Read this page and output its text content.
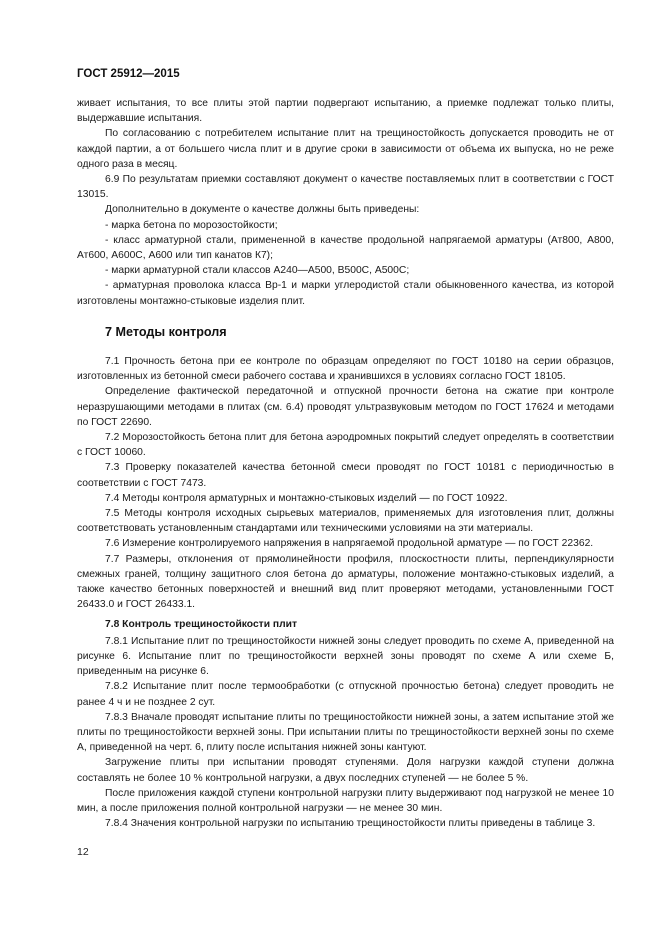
ГОСТ 25912—2015

живает испытания, то все плиты этой партии подвергают испытанию, а приемке подлежат только плиты, выдержавшие испытания.

По согласованию с потребителем испытание плит на трещиностойкость допускается проводить не от каждой партии, а от большего числа плит и в другие сроки в зависимости от объема их выпуска, но не реже одного раза в месяц.

6.9 По результатам приемки составляют документ о качестве поставляемых плит в соответствии с ГОСТ 13015.

Дополнительно в документе о качестве должны быть приведены:

- марка бетона по морозостойкости;

- класс арматурной стали, примененной в качестве продольной напрягаемой арматуры (Ат800, А800, Ат600, А600С, А600 или тип канатов К7);

- марки арматурной стали классов А240—А500, В500С, А500С;

- арматурная проволока класса Вр-1 и марки углеродистой стали обыкновенного качества, из которой изготовлены монтажно-стыковые изделия плит.

7 Методы контроля

7.1 Прочность бетона при ее контроле по образцам определяют по ГОСТ 10180 на серии образцов, изготовленных из бетонной смеси рабочего состава и хранившихся в условиях согласно ГОСТ 18105.

Определение фактической передаточной и отпускной прочности бетона на сжатие при контроле неразрушающими методами в плитах (см. 6.4) проводят ультразвуковым методом по ГОСТ 17624 и методами по ГОСТ 22690.

7.2 Морозостойкость бетона плит для бетона аэродромных покрытий следует определять в соответствии с ГОСТ 10060.

7.3 Проверку показателей качества бетонной смеси проводят по ГОСТ 10181 с периодичностью в соответствии с ГОСТ 7473.

7.4 Методы контроля арматурных и монтажно-стыковых изделий — по ГОСТ 10922.

7.5 Методы контроля исходных сырьевых материалов, применяемых для изготовления плит, должны соответствовать установленным стандартами или техническими условиями на эти материалы.

7.6 Измерение контролируемого напряжения в напрягаемой продольной арматуре — по ГОСТ 22362.

7.7 Размеры, отклонения от прямолинейности профиля, плоскостности плиты, перпендикулярности смежных граней, толщину защитного слоя бетона до арматуры, положение монтажно-стыковых изделий, а также качество бетонных поверхностей и внешний вид плит проверяют методами, установленными ГОСТ 26433.0 и ГОСТ 26433.1.

7.8 Контроль трещиностойкости плит

7.8.1 Испытание плит по трещиностойкости нижней зоны следует проводить по схеме А, приведенной на рисунке 6. Испытание плит по трещиностойкости верхней зоны проводят по схеме А или схеме Б, приведенным на рисунке 6.

7.8.2 Испытание плит после термообработки (с отпускной прочностью бетона) следует проводить не ранее 4 ч и не позднее 2 сут.

7.8.3 Вначале проводят испытание плиты по трещиностойкости нижней зоны, а затем испытание этой же плиты по трещиностойкости верхней зоны. При испытании плиты по трещиностойкости верхней зоны по схеме А, приведенной на черт. 6, плиту после испытания нижней зоны кантуют.

Загружение плиты при испытании проводят ступенями. Доля нагрузки каждой ступени должна составлять не более 10 % контрольной нагрузки, а двух последних ступеней — не более 5 %.

После приложения каждой ступени контрольной нагрузки плиту выдерживают под нагрузкой не менее 10 мин, а после приложения полной контрольной нагрузки — не менее 30 мин.

7.8.4 Значения контрольной нагрузки по испытанию трещиностойкости плиты приведены в таблице 3.

12
